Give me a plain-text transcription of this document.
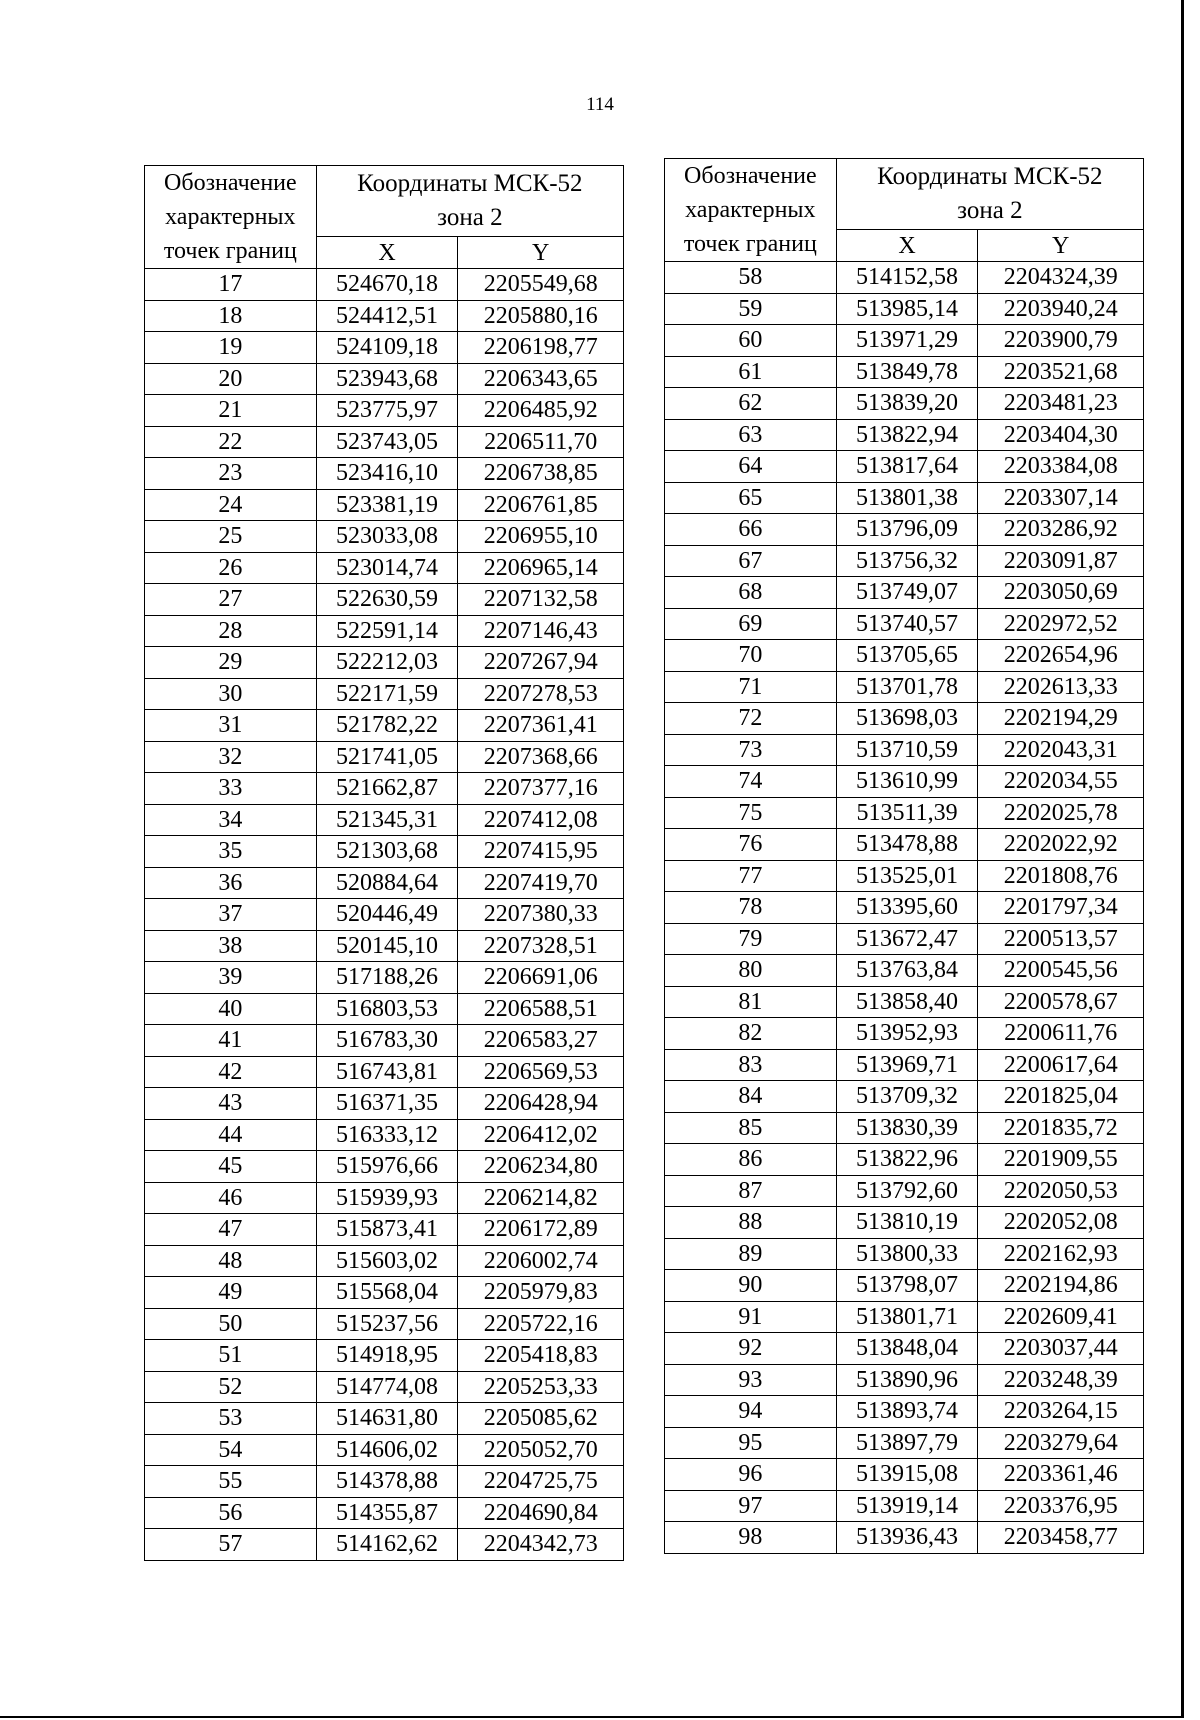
114
Обозначение
характерных
точек границ	Координаты МСК-52
зона 2	
	X	Y
17	524670,18	2205549,68
18	524412,51	2205880,16
19	524109,18	2206198,77
20	523943,68	2206343,65
21	523775,97	2206485,92
22	523743,05	2206511,70
23	523416,10	2206738,85
24	523381,19	2206761,85
25	523033,08	2206955,10
26	523014,74	2206965,14
27	522630,59	2207132,58
28	522591,14	2207146,43
29	522212,03	2207267,94
30	522171,59	2207278,53
31	521782,22	2207361,41
32	521741,05	2207368,66
33	521662,87	2207377,16
34	521345,31	2207412,08
35	521303,68	2207415,95
36	520884,64	2207419,70
37	520446,49	2207380,33
38	520145,10	2207328,51
39	517188,26	2206691,06
40	516803,53	2206588,51
41	516783,30	2206583,27
42	516743,81	2206569,53
43	516371,35	2206428,94
44	516333,12	2206412,02
45	515976,66	2206234,80
46	515939,93	2206214,82
47	515873,41	2206172,89
48	515603,02	2206002,74
49	515568,04	2205979,83
50	515237,56	2205722,16
51	514918,95	2205418,83
52	514774,08	2205253,33
53	514631,80	2205085,62
54	514606,02	2205052,70
55	514378,88	2204725,75
56	514355,87	2204690,84
57	514162,62	2204342,73
Обозначение
характерных
точек границ	Координаты МСК-52
зона 2	
	X	Y
58	514152,58	2204324,39
59	513985,14	2203940,24
60	513971,29	2203900,79
61	513849,78	2203521,68
62	513839,20	2203481,23
63	513822,94	2203404,30
64	513817,64	2203384,08
65	513801,38	2203307,14
66	513796,09	2203286,92
67	513756,32	2203091,87
68	513749,07	2203050,69
69	513740,57	2202972,52
70	513705,65	2202654,96
71	513701,78	2202613,33
72	513698,03	2202194,29
73	513710,59	2202043,31
74	513610,99	2202034,55
75	513511,39	2202025,78
76	513478,88	2202022,92
77	513525,01	2201808,76
78	513395,60	2201797,34
79	513672,47	2200513,57
80	513763,84	2200545,56
81	513858,40	2200578,67
82	513952,93	2200611,76
83	513969,71	2200617,64
84	513709,32	2201825,04
85	513830,39	2201835,72
86	513822,96	2201909,55
87	513792,60	2202050,53
88	513810,19	2202052,08
89	513800,33	2202162,93
90	513798,07	2202194,86
91	513801,71	2202609,41
92	513848,04	2203037,44
93	513890,96	2203248,39
94	513893,74	2203264,15
95	513897,79	2203279,64
96	513915,08	2203361,46
97	513919,14	2203376,95
98	513936,43	2203458,77
